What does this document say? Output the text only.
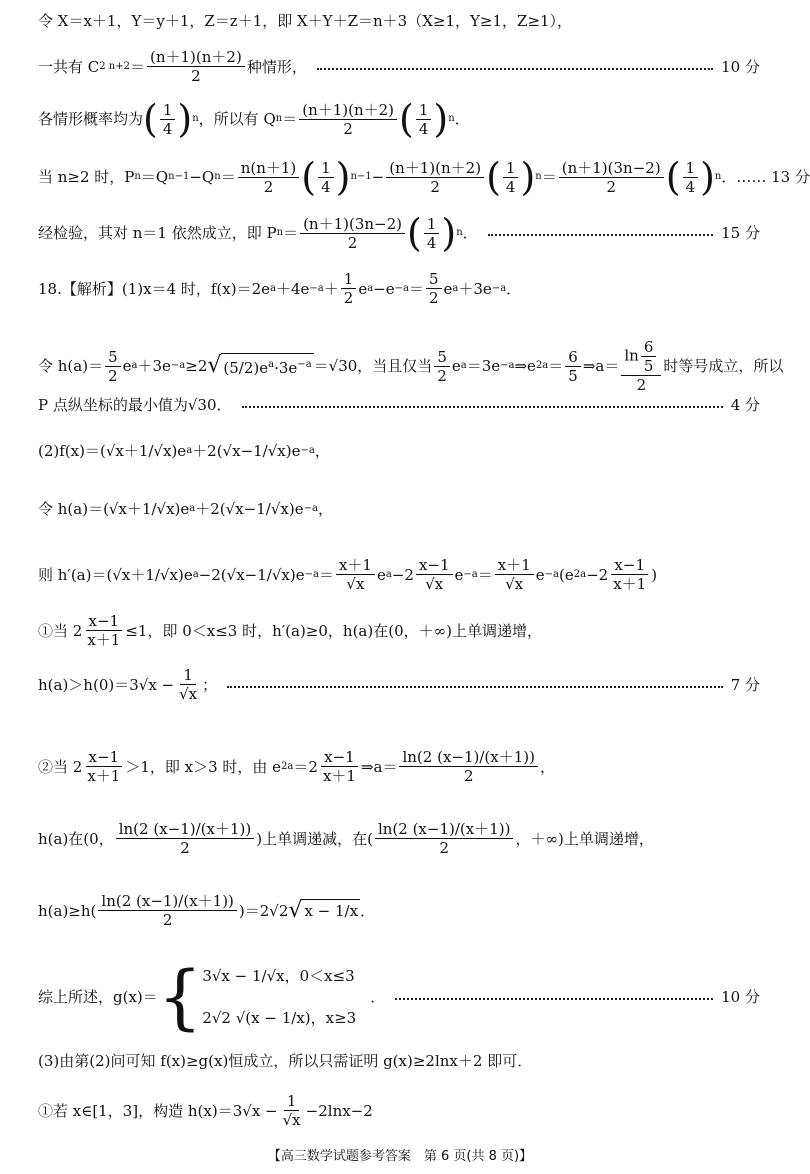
令 X＝x＋1，Y＝y＋1，Z＝z＋1，即 X＋Y＋Z＝n＋3（X≥1，Y≥1，Z≥1），
一共有 C 2 $n+2 = \frac{(n+1)(n+2)}{2}$ 种情形，	10 分
各情形概率均为 ( $\frac{1}{4}$ ) n ，所以有 Q $n = \frac{(n+1)(n+2)}{2}$ ( $\frac{1}{4}$ ) n ．
当 n≥2 时，P n ＝Q n−1 −Q $n = \frac{n(n+1)}{2}$ ( $\frac{1}{4}$ ) $n-1 - \frac{(n+1)(n+2)}{2}$ ( $\frac{1}{4}$ ) $n = \frac{(n+1)(3n-2)}{2}$ ( $\frac{1}{4}$ ) n ． …… 13 分
经检验，其对 n＝1 依然成立，即 P $n = \frac{(n+1)(3n-2)}{2}$ ( $\frac{1}{4}$ ) n ．	15 分
18.【解析】(1)x＝4 时，f(x)＝2e $a +4e -a + \frac{1}{2}$ e $a -e -a = \frac{5}{2}$ e a ＋3e −a ．
令 $h(a)= \frac{5}{2}$ e a ＋3e −a ≥2 √ $(5/2)e^a\cdot 3e^{-a} =√30$，当且仅当 $\frac{5}{2}$ e a ＝3e −a ⇒e $2a = \frac{6}{5}$ ⇒a＝ $\frac{\ln \frac{6}{5}}{2}$ 时等号成立，所以
P 点纵坐标的最小值为√30．	4 分
(2)f(x)＝(√x＋1/√x)e a ＋2(√x−1/√x)e −a ，
令 h(a)＝(√x＋1/√x)e a ＋2(√x−1/√x)e −a ，
则 h′(a)＝(√x＋1/√x)e $a -2(√x-1/√x)e -a = \frac{x+1}{√x}$ e $a -2 \frac{x-1}{√x}$ $e -a = \frac{x+1}{√x}$ e −a (e $2a -2 \frac{x-1}{x+1}$ )
①当 $2 \frac{x-1}{x+1} \le 1$，即 0＜x≤3 时，h′(a)≥0，h(a)在(0，＋∞)上单调递增，
$h(a)>h(0)=3√x - \frac{1}{√x}$ ；	7 分
②当 $2 \frac{x-1}{x+1} >1$，即 x＞3 时，由 e $2a =2 \frac{x-1}{x+1}$ ⇒a＝ $\frac{\ln(2 (x-1)/(x+1))}{2}$ ，
h(a)在(0， $\frac{\ln(2 (x-1)/(x+1))}{2}$ )上单调递减，在( $\frac{\ln(2 (x-1)/(x+1))}{2}$ ，＋∞)上单调递增，
$h(a)\ge h( \frac{\ln(2 (x-1)/(x+1))}{2} )=2√2$ √ x − 1/x ．
综上所述，g(x)＝ { 3√x − 1/√x，0＜x≤3
2√2 √(x − 1/x)，x≥3
．	10 分
(3)由第(2)问可知 f(x)≥g(x)恒成立，所以只需证明 g(x)≥2lnx＋2 即可．
①若 x∈[1，3]，构造 $h(x)=3√x - \frac{1}{√x} -2\ln x-2$
【高三数学试题参考答案　第 6 页(共 8 页)】
